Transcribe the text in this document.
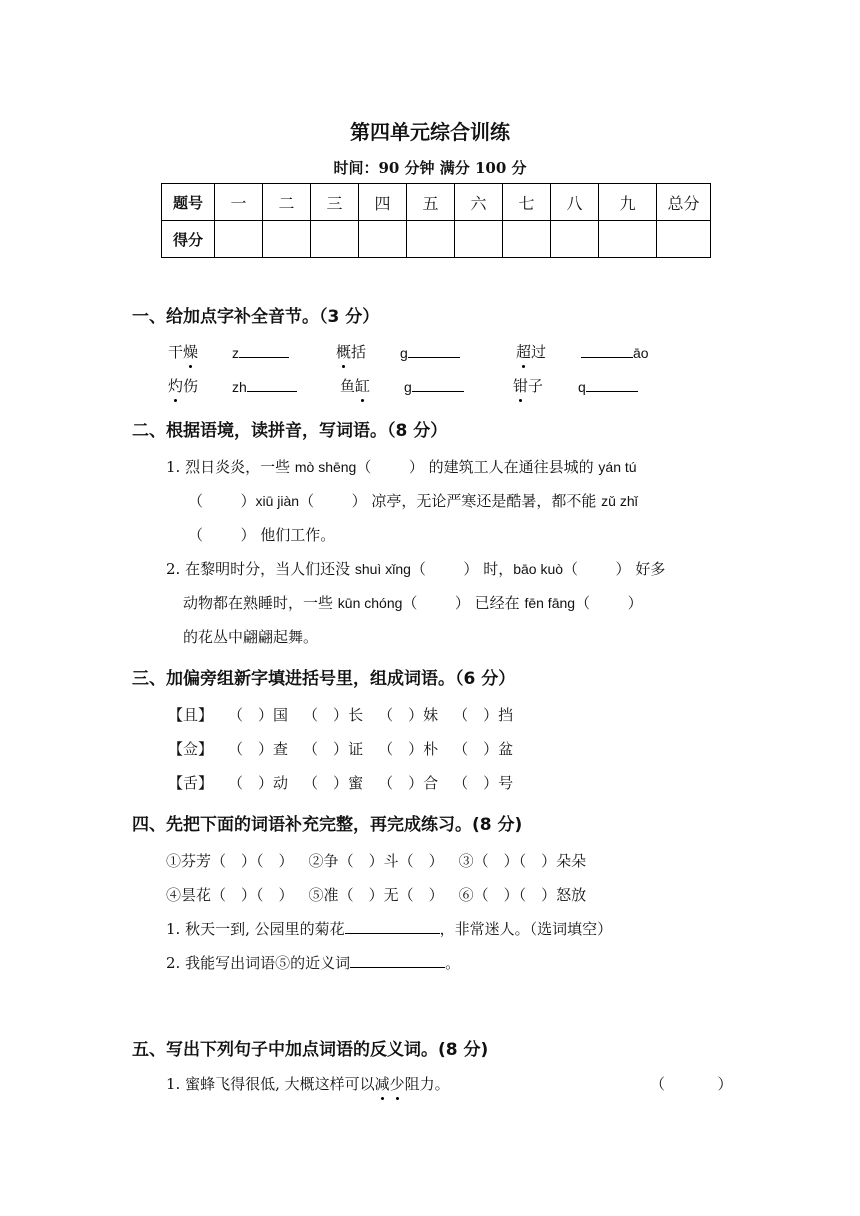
第四单元综合训练
时间：90 分钟 满分 100 分
题号	一	二	三	四	五	六	七	八	九	总分
得分										
一、给加点字补全音节。（3 分）
干燥 z	概括 g	超过	āo
灼伤 zh	鱼缸 g	钳子 q
二、根据语境，读拼音，写词语。（8 分）
1. 烈日炎炎，一些 mò shēng（   ） 的建筑工人在通往县城的 yán tú
（   ）xiū jiàn（   ） 凉亭，无论严寒还是酷暑，都不能 zǔ zhǐ
（   ） 他们工作。
2. 在黎明时分，当人们还没 shuì xǐng（   ） 时，bāo kuò（   ） 好多
动物都在熟睡时，一些 kūn chóng（   ） 已经在 fēn fāng（   ）
的花丛中翩翩起舞。
三、加偏旁组新字填进括号里，组成词语。（6 分）
【且】  （ ）国  （ ）长  （ ）妹  （ ）挡
【佥】  （ ）查  （ ）证  （ ）朴  （ ）盆
【舌】  （ ）动  （ ）蜜  （ ）合  （ ）号
四、先把下面的词语补充完整，再完成练习。(8 分)
①芬芳（ ）（ ）  ②争（ ）斗（ ）  ③（ ）（ ）朵朵
④昙花（ ）（ ）  ⑤准（ ）无（ ）  ⑥（ ）（ ）怒放
1. 秋天一到, 公园里的菊花	，非常迷人。（选词填空）
2. 我能写出词语⑤的近义词	。
五、写出下列句子中加点词语的反义词。(8 分)
1. 蜜蜂飞得很低, 大概这样可以减少阻力。	（    ）
